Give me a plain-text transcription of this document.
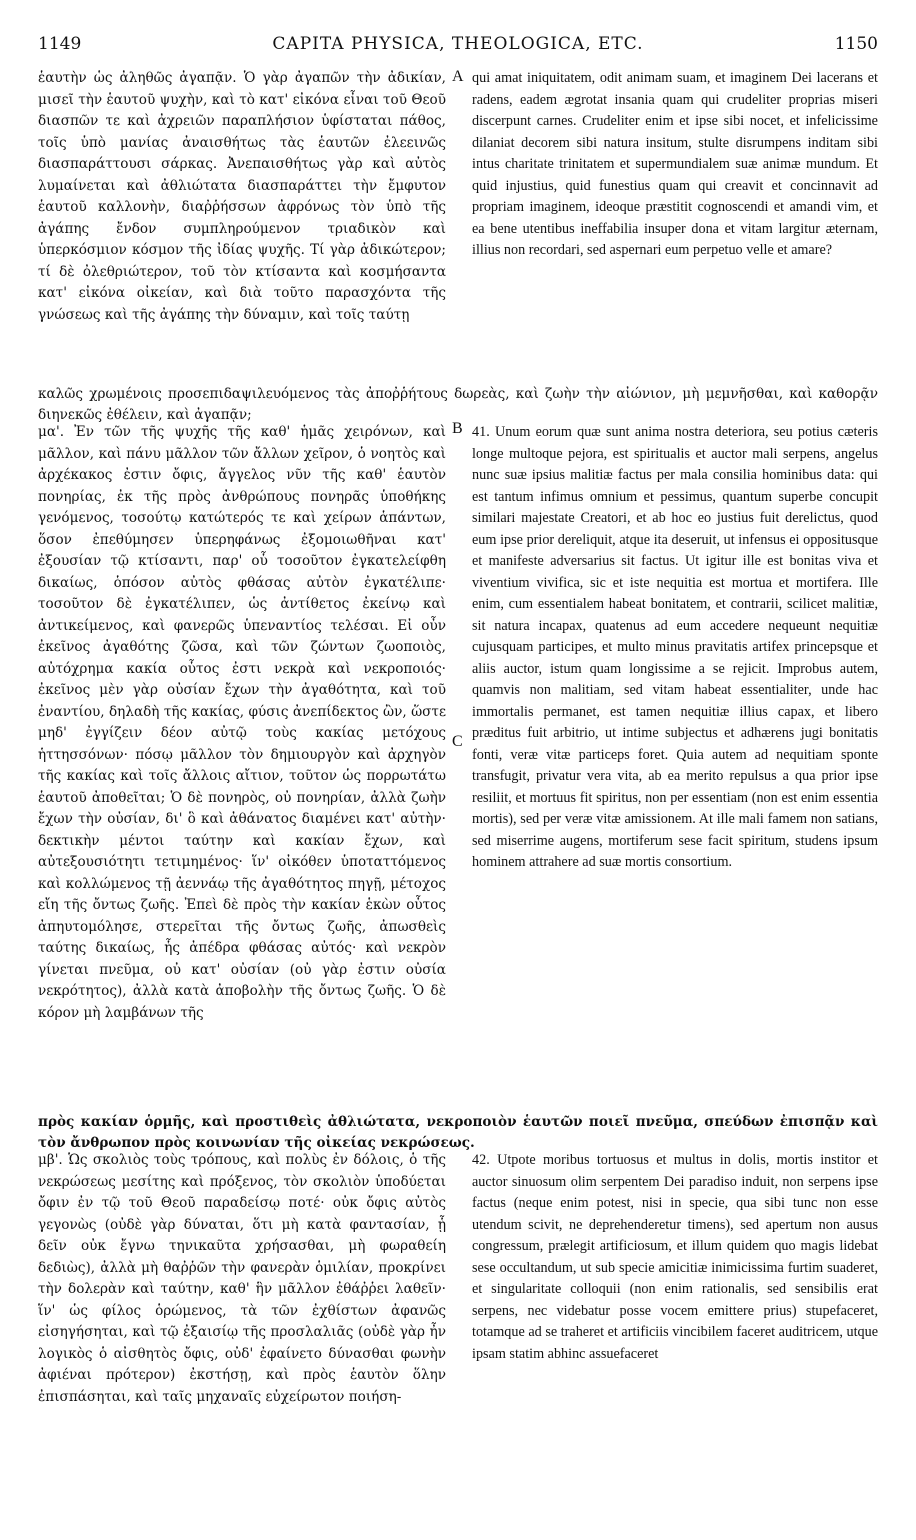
1149	CAPITA PHYSICA, THEOLOGICA, ETC.	1150
A

ἑαυτὴν ὡς ἀληθῶς ἀγαπᾷν. Ὁ γὰρ ἀγαπῶν τὴν ἀδικίαν, μισεῖ τὴν ἑαυτοῦ ψυχὴν, καὶ τὸ κατ' εἰκόνα εἶναι τοῦ Θεοῦ διασπῶν τε καὶ ἀχρειῶν παραπλήσιον ὑφίσταται πάθος, τοῖς ὑπὸ μανίας ἀναισθήτως τὰς ἑαυτῶν ἐλεεινῶς διασπαράττουσι σάρκας. Ἀνεπαισθήτως γὰρ καὶ αὐτὸς λυμαίνεται καὶ ἀθλιώτατα διασπαράττει τὴν ἔμφυτον ἑαυτοῦ καλλονὴν, διαῤῥήσσων ἀφρόνως τὸν ὑπὸ τῆς ἀγάπης ἔνδον συμπληρούμενον τριαδικὸν καὶ ὑπερκόσμιον κόσμον τῆς ἰδίας ψυχῆς. Τί γὰρ ἀδικώτερον; τί δὲ ὀλεθριώτερον, τοῦ τὸν κτίσαντα καὶ κοσμήσαντα κατ' εἰκόνα οἰκείαν, καὶ διὰ τοῦτο παρασχόντα τῆς γνώσεως καὶ τῆς ἀγάπης τὴν δύναμιν, καὶ τοῖς ταύτῃ

qui amat iniquitatem, odit animam suam, et imaginem Dei lacerans et radens, eadem ægrotat insania quam qui crudeliter proprias miseri discerpunt carnes. Crudeliter enim et ipse sibi nocet, et infelicissime dilaniat decorem sibi natura insitum, stulte disrumpens inditam sibi intus charitate trinitatem et supermundialem suæ animæ mundum. Et quid injustius, quid funestius quam qui creavit et concinnavit ad propriam imaginem, ideoque præstitit cognoscendi et amandi vim, et ea bene utentibus ineffabilia insuper dona et vitam largitur æternam, illius non recordari, sed aspernari eum perpetuo velle et amare?

καλῶς χρωμένοις προσεπιδαψιλευόμενος τὰς ἀποῤῥήτους δωρεὰς, καὶ ζωὴν τὴν αἰώνιον, μὴ μεμνῆσθαι, καὶ καθορᾷν διηνεκῶς ἐθέλειν, καὶ ἀγαπᾷν;

B
C

μα'. Ἐν τῶν τῆς ψυχῆς τῆς καθ' ἡμᾶς χειρόνων, καὶ μᾶλλον, καὶ πάνυ μᾶλλον τῶν ἄλλων χεῖρον, ὁ νοητὸς καὶ ἀρχέκακος ἐστιν ὄφις, ἄγγελος νῦν τῆς καθ' ἑαυτὸν πονηρίας, ἐκ τῆς πρὸς ἀνθρώπους πονηρᾶς ὑποθήκης γενόμενος, τοσούτῳ κατώτερός τε καὶ χείρων ἁπάντων, ὅσον ἐπεθύμησεν ὑπερηφάνως ἐξομοιωθῆναι κατ' ἐξουσίαν τῷ κτίσαντι, παρ' οὗ τοσοῦτον ἐγκατελείφθη δικαίως, ὁπόσον αὐτὸς φθάσας αὐτὸν ἐγκατέλιπε· τοσοῦτον δὲ ἐγκατέλιπεν, ὡς ἀντίθετος ἐκείνῳ καὶ ἀντικείμενος, καὶ φανερῶς ὑπεναντίος τελέσαι. Εἰ οὖν ἐκεῖνος ἀγαθότης ζῶσα, καὶ τῶν ζώντων ζωοποιὸς, αὐτόχρημα κακία οὗτος ἐστι νεκρὰ καὶ νεκροποιός· ἐκεῖνος μὲν γὰρ οὐσίαν ἔχων τὴν ἀγαθότητα, καὶ τοῦ ἐναντίου, δηλαδὴ τῆς κακίας, φύσις ἀνεπίδεκτος ὢν, ὥστε μηδ' ἐγγίζειν δέον αὐτῷ τοὺς κακίας μετόχους ἡττησσόνων· πόσῳ μᾶλλον τὸν δημιουργὸν καὶ ἀρχηγὸν τῆς κακίας καὶ τοῖς ἄλλοις αἴτιον, τοῦτον ὡς πορρωτάτω ἑαυτοῦ ἀποθεῖται; Ὁ δὲ πονηρὸς, οὐ πονηρίαν, ἀλλὰ ζωὴν ἔχων τὴν οὐσίαν, δι' ὃ καὶ ἀθάνατος διαμένει κατ' αὐτὴν· δεκτικὴν μέντοι ταύτην καὶ κακίαν ἔχων, καὶ αὐτεξουσιότητι τετιμημένος· ἵν' οἰκόθεν ὑποταττόμενος καὶ κολλώμενος τῇ ἀεννάῳ τῆς ἀγαθότητος πηγῇ, μέτοχος εἴη τῆς ὄντως ζωῆς. Ἐπεὶ δὲ πρὸς τὴν κακίαν ἑκὼν οὗτος ἀπηυτομόλησε, στερεῖται τῆς ὄντως ζωῆς, ἀπωσθεὶς ταύτης δικαίως, ἧς ἀπέδρα φθάσας αὐτός· καὶ νεκρὸν γίνεται πνεῦμα, οὐ κατ' οὐσίαν (οὐ γὰρ ἐστιν οὐσία νεκρότητος), ἀλλὰ κατὰ ἀποβολὴν τῆς ὄντως ζωῆς. Ὁ δὲ κόρον μὴ λαμβάνων τῆς

41. Unum eorum quæ sunt anima nostra deteriora, seu potius cæteris longe multoque pejora, est spiritualis et auctor mali serpens, angelus nunc suæ ipsius malitiæ factus per mala consilia hominibus data: qui est tantum infimus omnium et pessimus, quantum superbe concupit similari majestate Creatori, et ab hoc eo justius fuit derelictus, quod eum ipse prior dereliquit, atque ita deseruit, ut infensus ei oppositusque et manifeste adversarius sit factus. Ut igitur ille est bonitas viva et viventium vivifica, sic et iste nequitia est mortua et mortifera. Ille enim, cum essentialem habeat bonitatem, et contrarii, scilicet malitiæ, sit natura incapax, quatenus ad eum accedere nequeunt nequitiæ cujusquam participes, et multo minus pravitatis artifex princepsque et aliis auctor, istum quam longissime a se rejicit. Improbus autem, quamvis non malitiam, sed vitam habeat essentialiter, unde hac immortalis permanet, est tamen nequitiæ illius capax, et libero præditus fuit arbitrio, ut intime subjectus et adhærens jugi bonitatis fonti, veræ vitæ particeps foret. Quia autem ad nequitiam sponte transfugit, privatur vera vita, ab ea merito repulsus a qua prior ipse resiliit, et mortuus fit spiritus, non per essentiam (non est enim essentia mortis), sed per veræ vitæ amissionem. At ille mali famem non satians, sed miserrime augens, mortiferum sese facit spiritum, studens ipsum hominem attrahere ad suæ mortis consortium.

πρὸς κακίαν ὁρμῆς, καὶ προστιθεὶς ἀθλιώτατα, νεκροποιὸν ἑαυτῶν ποιεῖ πνεῦμα, σπεύδων ἐπισπᾷν καὶ τὸν ἄνθρωπον πρὸς κοινωνίαν τῆς οἰκείας νεκρώσεως.

μβ'. Ὡς σκολιὸς τοὺς τρόπους, καὶ πολὺς ἐν δόλοις, ὁ τῆς νεκρώσεως μεσίτης καὶ πρόξενος, τὸν σκολιὸν ὑποδύεται ὄφιν ἐν τῷ τοῦ Θεοῦ παραδείσῳ ποτέ· οὐκ ὄφις αὐτὸς γεγονὼς (οὐδὲ γὰρ δύναται, ὅτι μὴ κατὰ φαντασίαν, ᾗ δεῖν οὐκ ἔγνω τηνικαῦτα χρήσασθαι, μὴ φωραθείη δεδιὼς), ἀλλὰ μὴ θαῤῥῶν τὴν φανερὰν ὁμιλίαν, προκρίνει τὴν δολερὰν καὶ ταύτην, καθ' ἣν μᾶλλον ἐθάῤῥει λαθεῖν· ἵν' ὡς φίλος ὁρώμενος, τὰ τῶν ἐχθίστων ἀφανῶς εἰσηγήσηται, καὶ τῷ ἐξαισίῳ τῆς προσλαλιᾶς (οὐδὲ γὰρ ἦν λογικὸς ὁ αἰσθητὸς ὄφις, οὐδ' ἐφαίνετο δύνασθαι φωνὴν ἀφιέναι πρότερον) ἐκστήσῃ, καὶ πρὸς ἑαυτὸν ὅλην ἐπισπάσηται, καὶ ταῖς μηχαναῖς εὐχείρωτον ποιήση-

42. Utpote moribus tortuosus et multus in dolis, mortis institor et auctor sinuosum olim serpentem Dei paradiso induit, non serpens ipse factus (neque enim potest, nisi in specie, qua sibi tunc non esse utendum scivit, ne deprehenderetur timens), sed apertum non ausus congressum, prælegit artificiosum, et illum quidem quo magis lidebat sese occultandum, ut sub specie amicitiæ inimicissima furtim suaderet, et singularitate colloquii (non enim rationalis, sed sensibilis erat serpens, nec videbatur posse vocem emittere prius) stupefaceret, totamque ad se traheret et artificiis vincibilem faceret auditricem, utque ipsam statim abhinc assuefaceret
